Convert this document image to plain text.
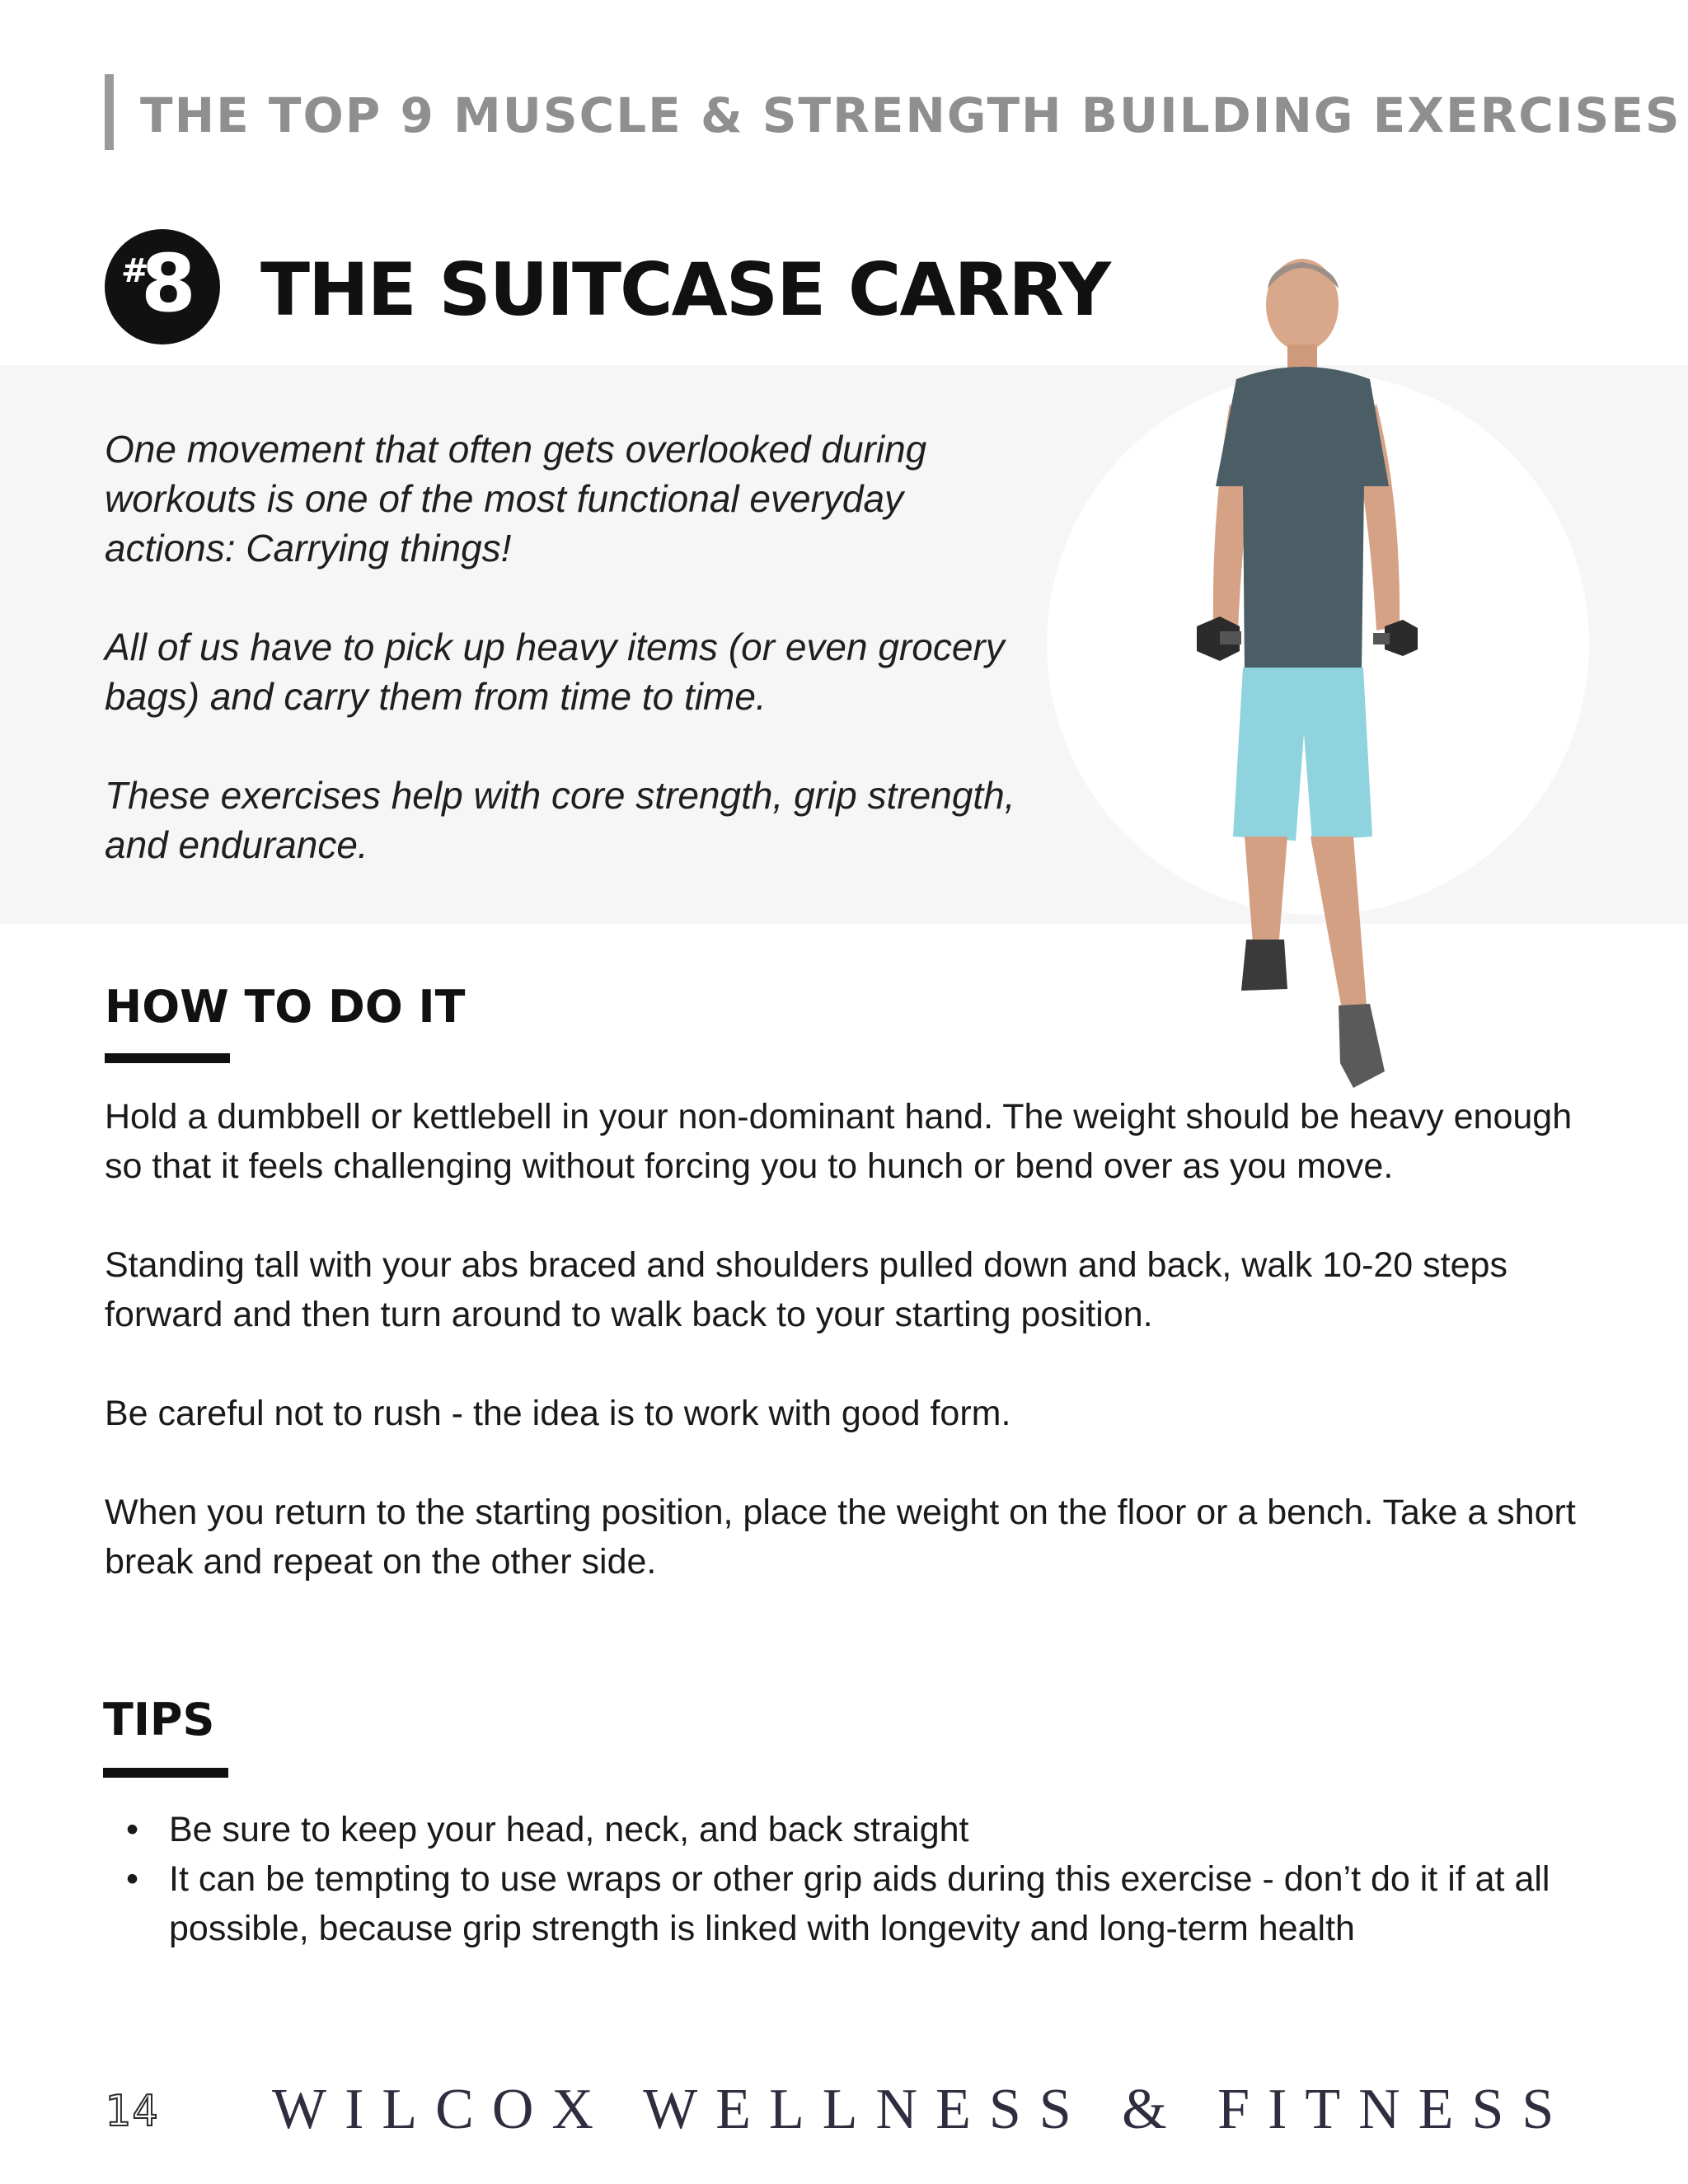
THE TOP 9 MUSCLE & STRENGTH BUILDING EXERCISES
#
8 THE SUITCASE CARRY

One movement that often gets overlooked during workouts is one of the most functional everyday actions: Carrying things!

All of us have to pick up heavy items (or even grocery bags) and carry them from time to time.

These exercises help with core strength, grip strength, and endurance.

HOW TO DO IT

Hold a dumbbell or kettlebell in your non-dominant hand. The weight should be heavy enough so that it feels challenging without forcing you to hunch or bend over as you move.

Standing tall with your abs braced and shoulders pulled down and back, walk 10-20 steps forward and then turn around to walk back to your starting position.

Be careful not to rush - the idea is to work with good form.

When you return to the starting position, place the weight on the floor or a bench. Take a short break and repeat on the other side.

TIPS
• Be sure to keep your head, neck, and back straight
• It can be tempting to use wraps or other grip aids during this exercise - don’t do it if at all possible, because grip strength is linked with longevity and long-term health
14 WILCOX WELLNESS & FITNESS
